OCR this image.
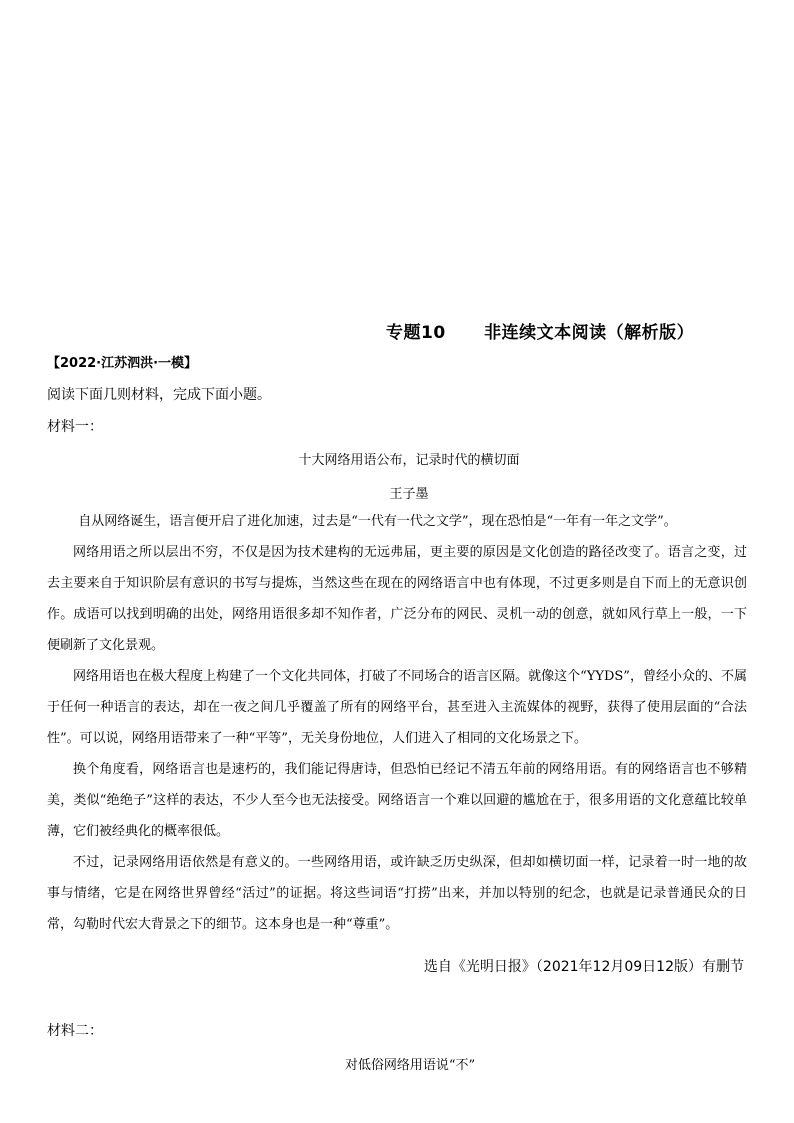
专题10      非连续文本阅读（解析版）
【2022·江苏泗洪·一模】
阅读下面几则材料，完成下面小题。
材料一：
十大网络用语公布，记录时代的横切面
王子墨

自从网络诞生，语言便开启了进化加速，过去是“一代有一代之文学”，现在恐怕是“一年有一年之文学”。

网络用语之所以层出不穷，不仅是因为技术建构的无远弗届，更主要的原因是文化创造的路径改变了。语言之变，过去主要来自于知识阶层有意识的书写与提炼，当然这些在现在的网络语言中也有体现，不过更多则是自下而上的无意识创作。成语可以找到明确的出处，网络用语很多却不知作者，广泛分布的网民、灵机一动的创意，就如风行草上一般，一下便刷新了文化景观。

网络用语也在极大程度上构建了一个文化共同体，打破了不同场合的语言区隔。就像这个“YYDS”，曾经小众的、不属于任何一种语言的表达，却在一夜之间几乎覆盖了所有的网络平台，甚至进入主流媒体的视野，获得了使用层面的“合法性”。可以说，网络用语带来了一种“平等”，无关身份地位，人们进入了相同的文化场景之下。

换个角度看，网络语言也是速朽的，我们能记得唐诗，但恐怕已经记不清五年前的网络用语。有的网络语言也不够精美，类似“绝绝子”这样的表达，不少人至今也无法接受。网络语言一个难以回避的尴尬在于，很多用语的文化意蕴比较单薄，它们被经典化的概率很低。

不过，记录网络用语依然是有意义的。一些网络用语，或许缺乏历史纵深，但却如横切面一样，记录着一时一地的故事与情绪，它是在网络世界曾经“活过”的证据。将这些词语“打捞”出来，并加以特别的纪念，也就是记录普通民众的日常，勾勒时代宏大背景之下的细节。这本身也是一种“尊重”。

选自《光明日报》（2021年12月09日12版）有删节
材料二：
对低俗网络用语说“不”
